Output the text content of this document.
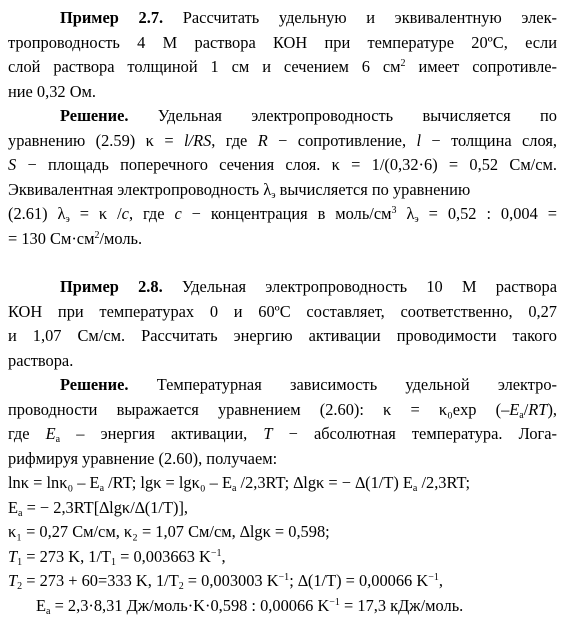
Пример 2.7. Рассчитать удельную и эквивалентную элек-
тропроводность 4 М раствора КОН при температуре 20ºС, если
слой раствора толщиной 1 см и сечением 6 $см^2$ имеет сопротивле-
ние 0,32 Ом.
Решение. Удельная электропроводность вычисляется по
уравнению (2.59) κ = l/RS, где R − сопротивление, l − толщина слоя,
S − площадь поперечного сечения слоя. κ = 1/(0,32·6) = 0,52 См/см.
Эквивалентная электропроводность $\lambda_э$ вычисляется по уравнению
(2.61) $\lambda_э = \kappa$ /c, где c − концентрация в моль/$см^3$ $\lambda_э = 0,52$ : 0,004 =
= 130 $См\cdot см^2$/моль.
Пример 2.8. Удельная электропроводность 10 М раствора
КОН при температурах 0 и 60ºС составляет, соответственно, 0,27
и 1,07 См/см. Рассчитать энергию активации проводимости такого
раствора.
Решение. Температурная зависимость удельной электро-
проводности выражается уравнением (2.60): κ = κ₀exp $(-E_a/RT)$,
где $E_a$ – энергия активации, T − абсолютная температура. Лога-
рифмируя уравнение (2.60), получаем:
$\ln\kappa = \ln\kappa_0 - E_a$ /RT; $\lg\kappa = \lg\kappa_0 - E_a$ /2,3RT; ∆lgκ = − ∆(1/T) $E_a$ /2,3RT;
$E_a$ = − 2,3RT[∆lgκ/∆(1/T)],
κ₁ = 0,27 См/см, κ₂ = 1,07 См/см, ∆lgκ = 0,598;
$T_1 = 273$ K, $1/T_1 = 0,003663$ $K^{-1}$,
$T_2 = 273 + 60=333$ K, $1/T_2 = 0,003003$ $K^{-1}$; ∆(1/T) = 0,00066 $K^{-1}$,
$E_a = 2,3\cdot 8,31$ Дж/моль·K·0,598 : 0,00066 $K^{-1} = 17,3$ кДж/моль.
